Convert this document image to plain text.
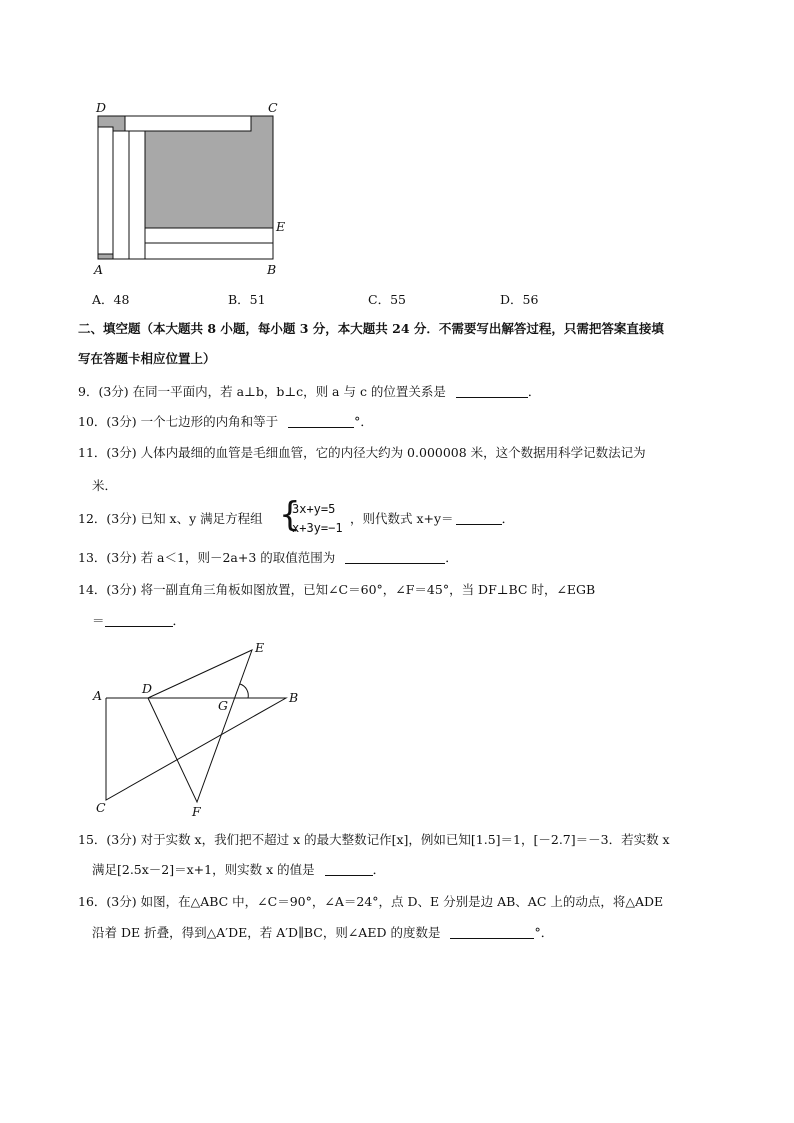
D	C
A	B
E
A．48	B．51	C．55	D．56
二、填空题（本大题共 8 小题，每小题 3 分，本大题共 24 分．不需要写出解答过程，只需把答案直接填
写在答题卡相应位置上）
9．(3分) 在同一平面内，若 a⊥b，b⊥c，则 a 与 c 的位置关系是	．
10．(3分) 一个七边形的内角和等于	°．
11．(3分) 人体内最细的血管是毛细血管，它的内径大约为 0.000008 米，这个数据用科学记数法记为
米．
12．(3分) 已知 x、y 满足方程组 {
3x+y=5
x+3y=−1
，则代数式 x+y＝	．
13．(3分) 若 a＜1，则－2a+3 的取值范围为	．
14．(3分) 将一副直角三角板如图放置，已知∠C＝60°，∠F＝45°，当 DF⊥BC 时，∠EGB
＝	．
A	D
G
E
B
C	F
15．(3分) 对于实数 x，我们把不超过 x 的最大整数记作[x]，例如已知[1.5]＝1，[－2.7]＝－3．若实数 x
满足[2.5x－2]＝x+1，则实数 x 的值是	．
16．(3分) 如图，在△ABC 中，∠C＝90°，∠A＝24°，点 D、E 分别是边 AB、AC 上的动点，将△ADE
沿着 DE 折叠，得到△A′DE，若 A′D∥BC，则∠AED 的度数是	°．
